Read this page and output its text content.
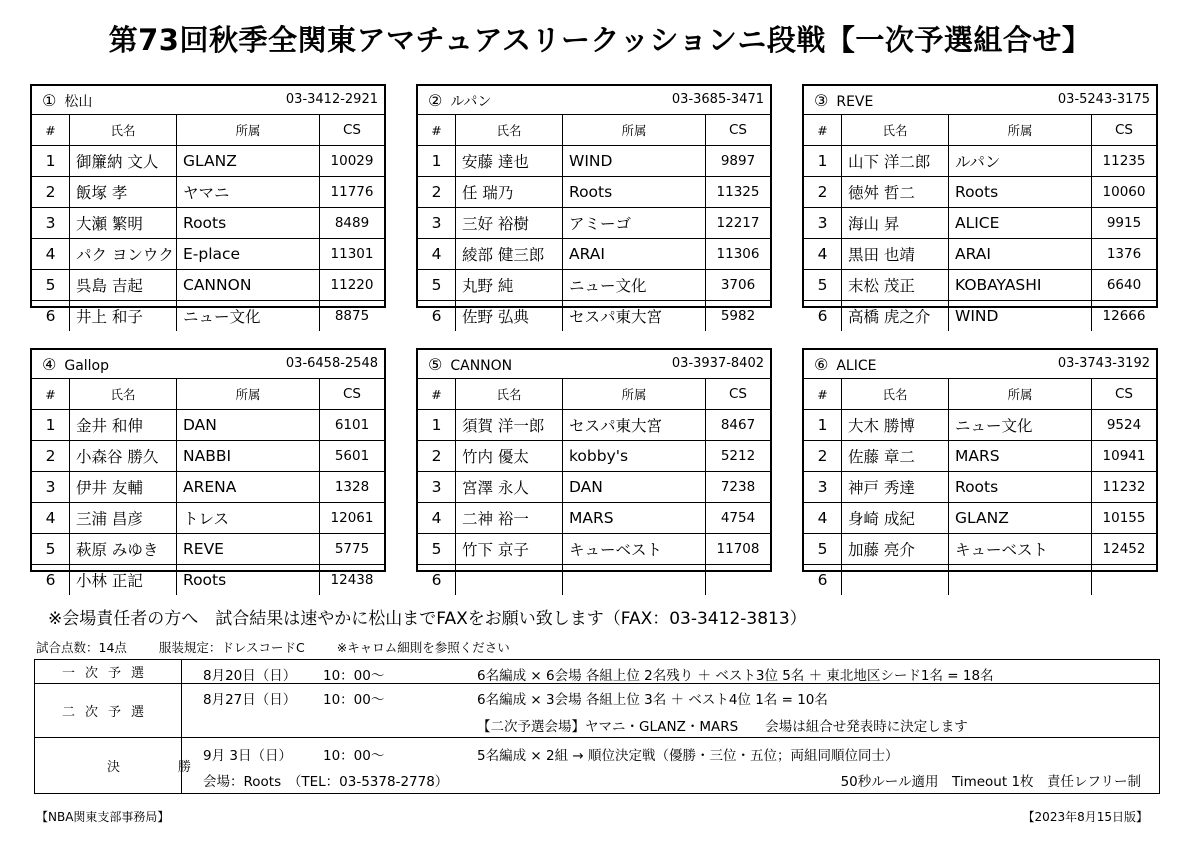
第73回秋季全関東アマチュアスリークッションニ段戦【一次予選組合せ】
① 松山	03-3412-2921
#	氏名	所属	CS
1	御簾納 文人	GLANZ	10029
2	飯塚 孝	ヤマニ	11776
3	大瀬 繁明	Roots	8489
4	パク ヨンウク	E-place	11301
5	呉島 吉起	CANNON	11220
6	井上 和子	ニュー文化	8875
② ルパン	03-3685-3471
#	氏名	所属	CS
1	安藤 達也	WIND	9897
2	任 瑞乃	Roots	11325
3	三好 裕樹	アミーゴ	12217
4	綾部 健三郎	ARAI	11306
5	丸野 純	ニュー文化	3706
6	佐野 弘典	セスパ東大宮	5982
③ REVE	03-5243-3175
#	氏名	所属	CS
1	山下 洋二郎	ルパン	11235
2	徳舛 哲二	Roots	10060
3	海山 昇	ALICE	9915
4	黒田 也靖	ARAI	1376
5	末松 茂正	KOBAYASHI	6640
6	高橋 虎之介	WIND	12666
④ Gallop	03-6458-2548
#	氏名	所属	CS
1	金井 和伸	DAN	6101
2	小森谷 勝久	NABBI	5601
3	伊井 友輔	ARENA	1328
4	三浦 昌彦	トレス	12061
5	萩原 みゆき	REVE	5775
6	小林 正記	Roots	12438
⑤ CANNON	03-3937-8402
#	氏名	所属	CS
1	須賀 洋一郎	セスパ東大宮	8467
2	竹内 優太	kobby's	5212
3	宮澤 永人	DAN	7238
4	二神 裕一	MARS	4754
5	竹下 京子	キューベスト	11708
6			
⑥ ALICE	03-3743-3192
#	氏名	所属	CS
1	大木 勝博	ニュー文化	9524
2	佐藤 章二	MARS	10941
3	神戸 秀達	Roots	11232
4	身崎 成紀	GLANZ	10155
5	加藤 亮介	キューベスト	12452
6			
※会場責任者の方へ　試合結果は速やかに松山までFAXをお願い致します（FAX：03-3412-3813）
試合点数：14点	服装規定：ドレスコードC	※キャロム細則を参照ください
一次予選	8月20日（日） 10：00〜	6名編成 × 6会場 各組上位 2名残り ＋ ベスト3位 5名 ＋ 東北地区シード1名 = 18名
二次予選
8月27日（日） 10：00〜	6名編成 × 3会場 各組上位 3名 ＋ ベスト4位 1名 = 10名
【二次予選会場】ヤマニ・GLANZ・MARS　　会場は組合せ発表時に決定します
決勝
9月 3日（日） 10：00〜	5名編成 × 2組 → 順位決定戦（優勝・三位・五位；両組同順位同士）
会場：Roots　（TEL：03-5378-2778）	50秒ルール適用　Timeout 1枚　責任レフリー制
【NBA関東支部事務局】	【2023年8月15日版】
